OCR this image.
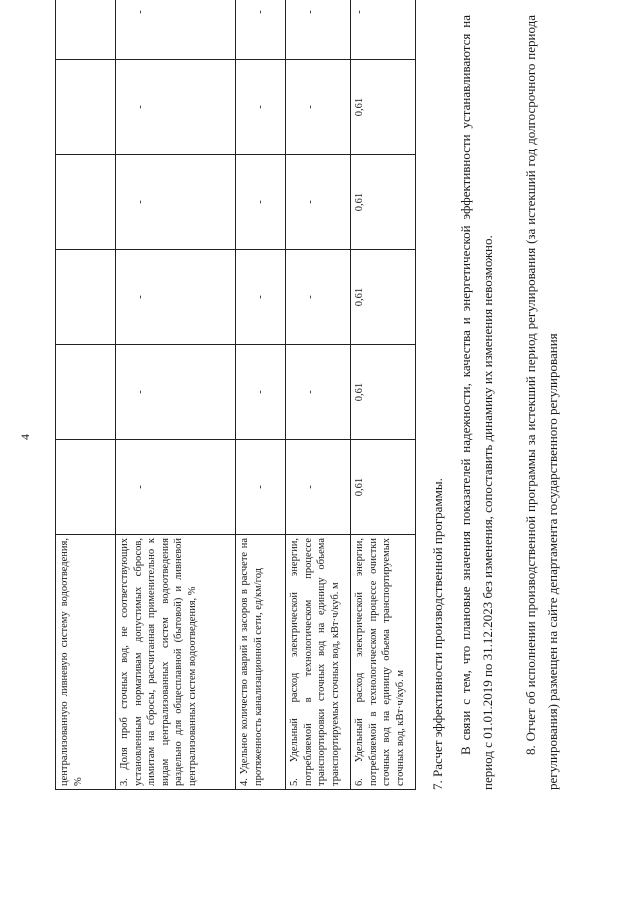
4
централизованную ливневую систему водоотведения, %						
3. Доля проб сточных вод, не соответствующих установленным нормативам допустимых сбросов, лимитам на сбросы, рассчитанная применительно к видам централизованных систем водоотведения раздельно для общесплавной (бытовой) и ливневой централизованных систем водоотведения, %	-	-	-	-	-	-
4. Удельное количество аварий и засоров в расчете на протяженность канализационной сети, ед/км/год	-	-	-	-	-	-
5. Удельный расход электрической энергии, потребляемой в технологическом процессе транспортировки сточных вод на единицу объема транспортируемых сточных вод, кВт·ч/куб. м	-	-	-	-	-	-
6. Удельный расход электрической энергии, потребляемой в технологическом процессе очистки сточных вод на единицу объема транспортируемых сточных вод, кВт·ч/куб. м	0,61	0,61	0,61	0,61	0,61	-
7. Расчет эффективности производственной программы. В связи с тем, что плановые значения показателей надежности, качества и энергетической эффективности устанавливаются на период с 01.01.2019 по 31.12.2023 без изменения, сопоставить динамику их изменения невозможно.	8. Отчет об исполнении производственной программы за истекший период регулирования (за истекший год долгосрочного периода регулирования) размещен на сайте департамента государственного регулирования
